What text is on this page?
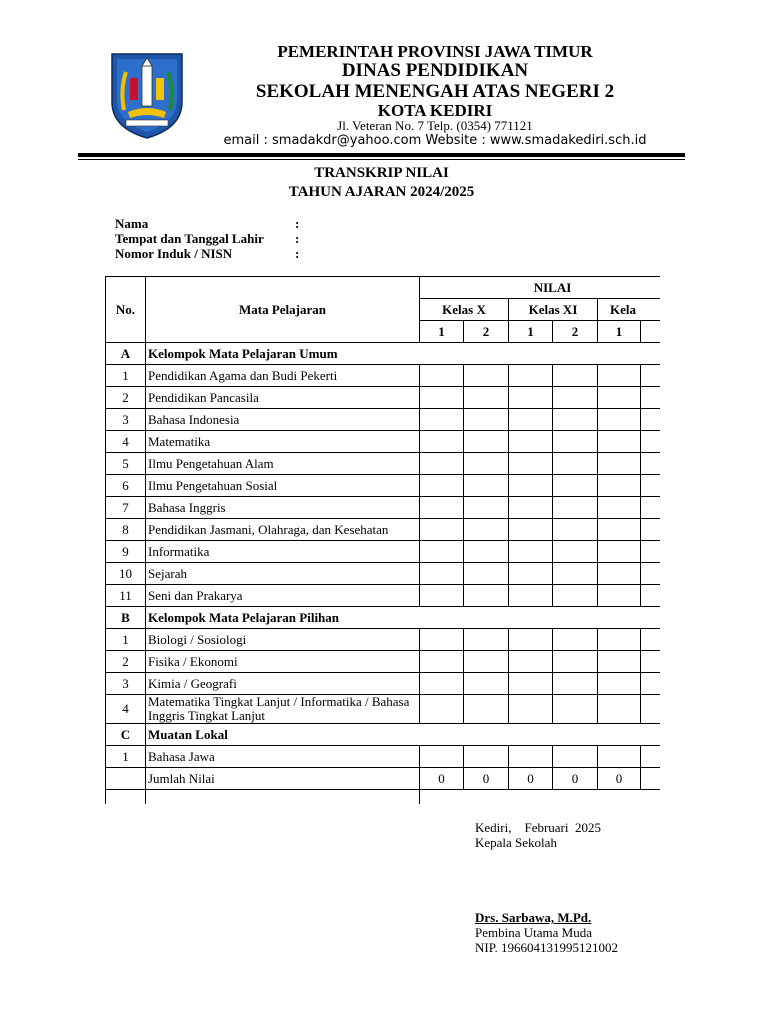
PEMERINTAH PROVINSI JAWA TIMUR
DINAS PENDIDIKAN
SEKOLAH MENENGAH ATAS NEGERI 2
KOTA KEDIRI
Jl. Veteran No. 7 Telp. (0354) 771121
email : smadakdr@yahoo.com Website : www.smadakediri.sch.id
TRANSKRIP NILAI
TAHUN AJARAN 2024/2025
Nama	:
Tempat dan Tanggal Lahir	:
Nomor Induk / NISN	:
No.	Mata Pelajaran	NILAI					
		Kelas X		Kelas XI		Kela	
		1	2	1	2	1	
A	Kelompok Mata Pelajaran Umum						
1	Pendidikan Agama dan Budi Pekerti						
2	Pendidikan Pancasila						
3	Bahasa Indonesia						
4	Matematika						
5	Ilmu Pengetahuan Alam						
6	Ilmu Pengetahuan Sosial						
7	Bahasa Inggris						
8	Pendidikan Jasmani, Olahraga, dan Kesehatan						
9	Informatika						
10	Sejarah						
11	Seni dan Prakarya						
B	Kelompok Mata Pelajaran Pilihan						
1	Biologi / Sosiologi						
2	Fisika / Ekonomi						
3	Kimia / Geografi						
4	Matematika Tingkat Lanjut / Informatika / Bahasa Inggris Tingkat Lanjut						
C	Muatan Lokal						
1	Bahasa Jawa						
	Jumlah Nilai	0	0	0	0	0	

Kediri,    Februari  2025
Kepala Sekolah
Drs. Sarbawa, M.Pd.
Pembina Utama Muda
NIP. 196604131995121002
